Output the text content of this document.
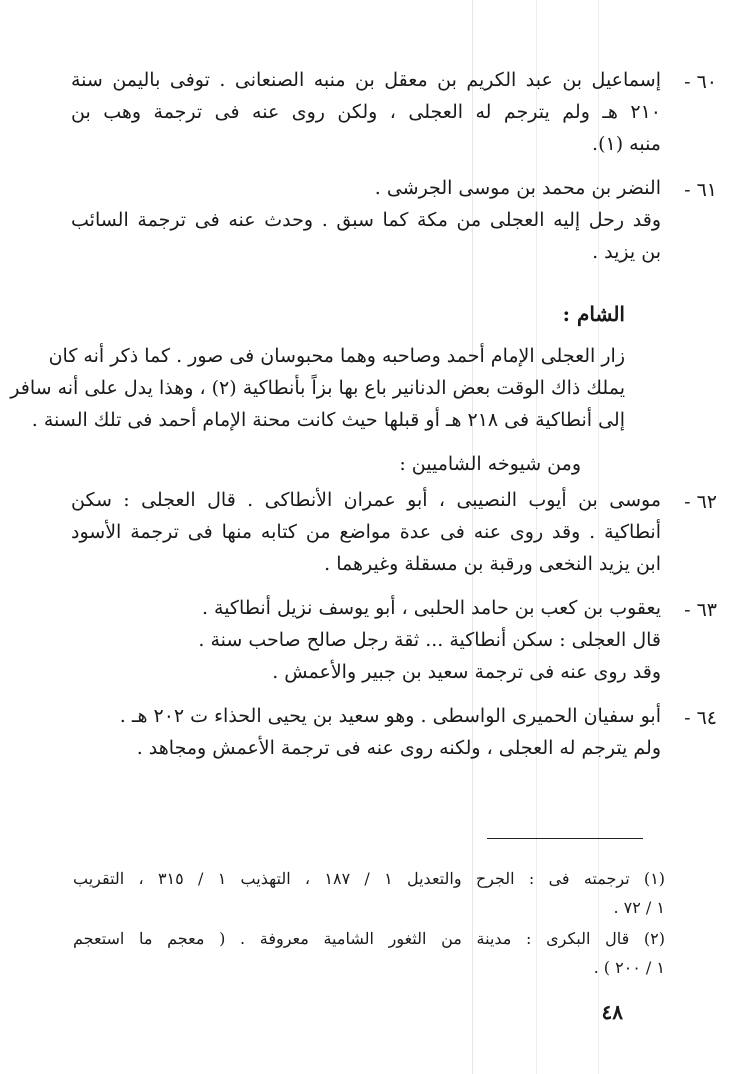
٦٠ -
إسماعيل بن عبد الكريم بن معقل بن منبه الصنعانى . توفى باليمن سنة
٢١٠ هـ ولم يترجم له العجلى ، ولكن روى عنه فى ترجمة وهب بن
منبه (١).
٦١ -
النضر بن محمد بن موسى الجرشى .
وقد رحل إليه العجلى من مكة كما سبق . وحدث عنه فى ترجمة السائب
بن يزيد .
الشام :
زار العجلى الإمام أحمد وصاحبه وهما محبوسان فى صور . كما ذكر أنه كان
يملك ذاك الوقت بعض الدنانير باع بها بزاً بأنطاكية (٢) ، وهذا يدل على أنه سافر
إلى أنطاكية فى ٢١٨ هـ أو قبلها حيث كانت محنة الإمام أحمد فى تلك السنة .
ومن شيوخه الشاميين :
٦٢ -
موسى بن أيوب النصيبى ، أبو عمران الأنطاكى . قال العجلى : سكن
أنطاكية . وقد روى عنه فى عدة مواضع من كتابه منها فى ترجمة الأسود
ابن يزيد النخعى ورقبة بن مسقلة وغيرهما .
٦٣ -
يعقوب بن كعب بن حامد الحلبى ، أبو يوسف نزيل أنطاكية .
قال العجلى : سكن أنطاكية ... ثقة رجل صالح صاحب سنة .
وقد روى عنه فى ترجمة سعيد بن جبير والأعمش .
٦٤ -
أبو سفيان الحميرى الواسطى . وهو سعيد بن يحيى الحذاء ت ٢٠٢ هـ .
ولم يترجم له العجلى ، ولكنه روى عنه فى ترجمة الأعمش ومجاهد .
(١) ترجمته فى : الجرح والتعديل ١ / ١٨٧ ، التهذيب ١ / ٣١٥ ، التقريب
١ / ٧٢ .
(٢) قال البكرى : مدينة من الثغور الشامية معروفة . ( معجم ما استعجم
١ / ٢٠٠ ) .
٤٨
